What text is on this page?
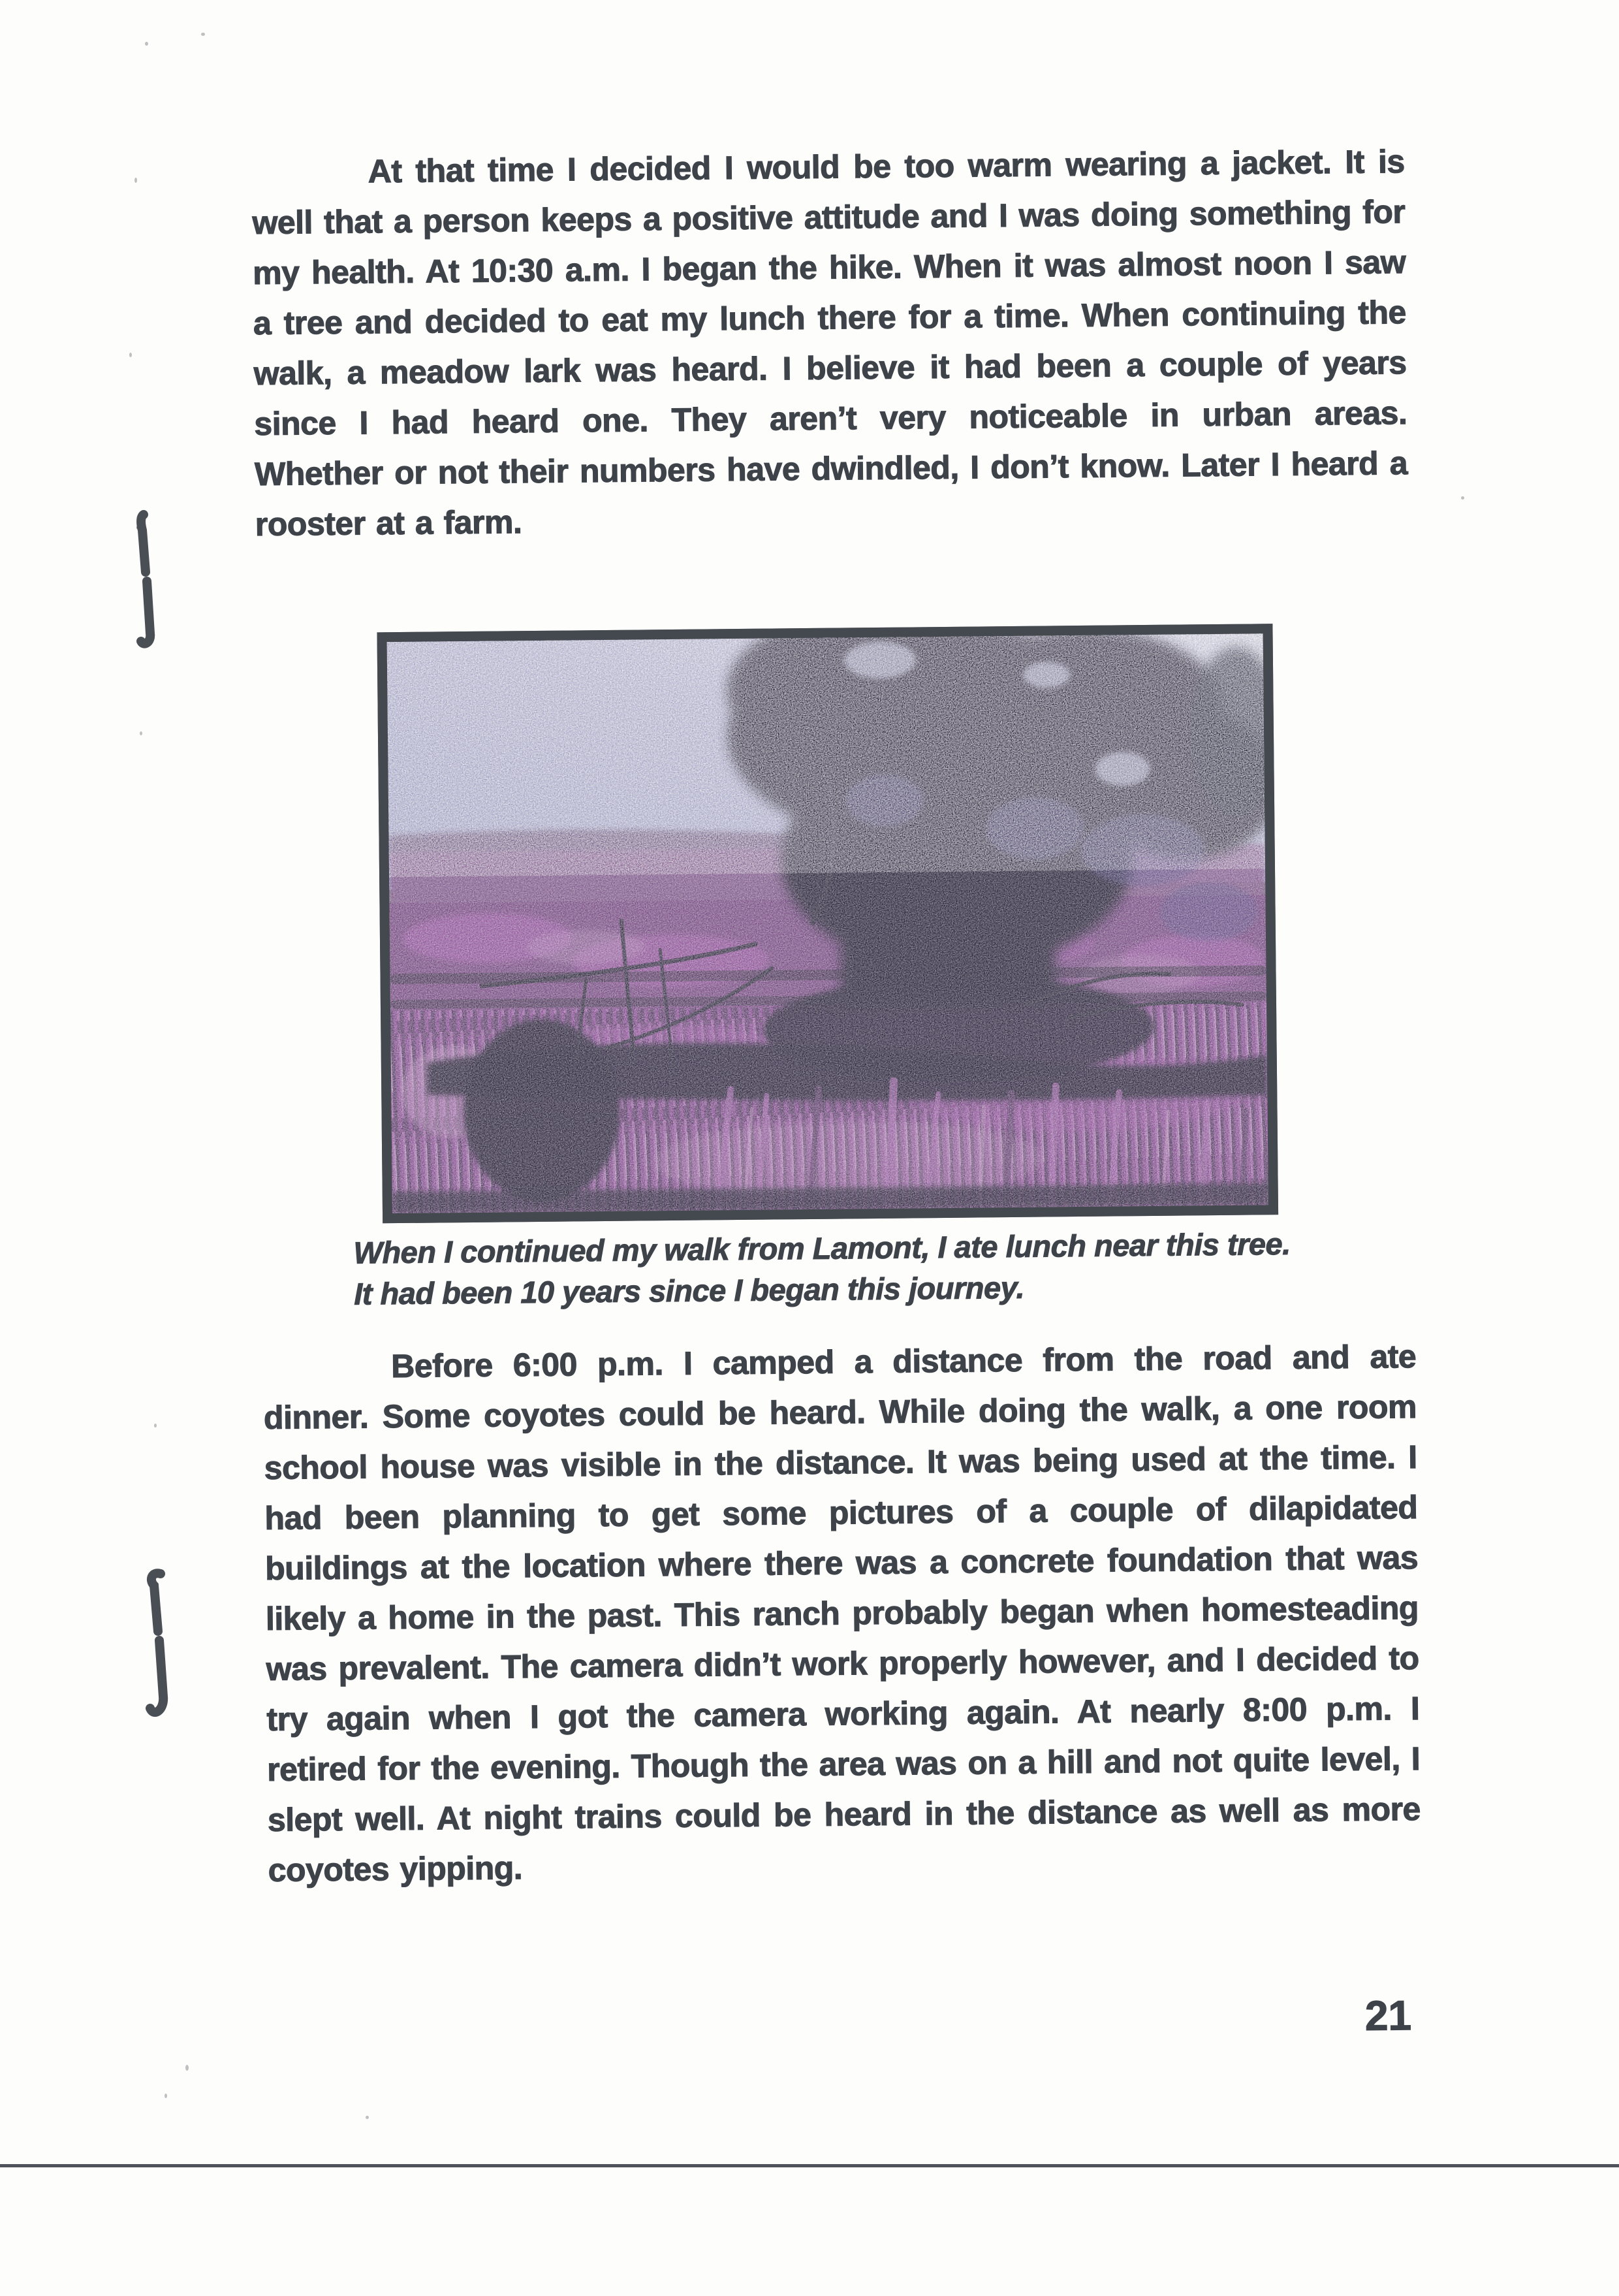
At that time I decided I would be too warm wearing a jacket. It is well that a person keeps a positive attitude and I was doing something for my health. At 10:30 a.m. I began the hike. When it was almost noon I saw a tree and decided to eat my lunch there for a time. When continuing the walk, a meadow lark was heard. I believe it had been a couple of years since I had heard one. They aren’t very noticeable in urban areas. Whether or not their numbers have dwindled, I don’t know. Later I heard a rooster at a farm.
When I continued my walk from Lamont, I ate lunch near this tree.
It had been 10 years since I began this journey.
Before 6:00 p.m. I camped a distance from the road and ate dinner. Some coyotes could be heard. While doing the walk, a one room school house was visible in the distance. It was being used at the time. I had been planning to get some pictures of a couple of dilapidated buildings at the location where there was a concrete foundation that was likely a home in the past. This ranch probably began when homesteading was prevalent. The camera didn’t work properly however, and I decided to try again when I got the camera working again. At nearly 8:00 p.m. I retired for the evening. Though the area was on a hill and not quite level, I slept well. At night trains could be heard in the distance as well as more coyotes yipping.
21
